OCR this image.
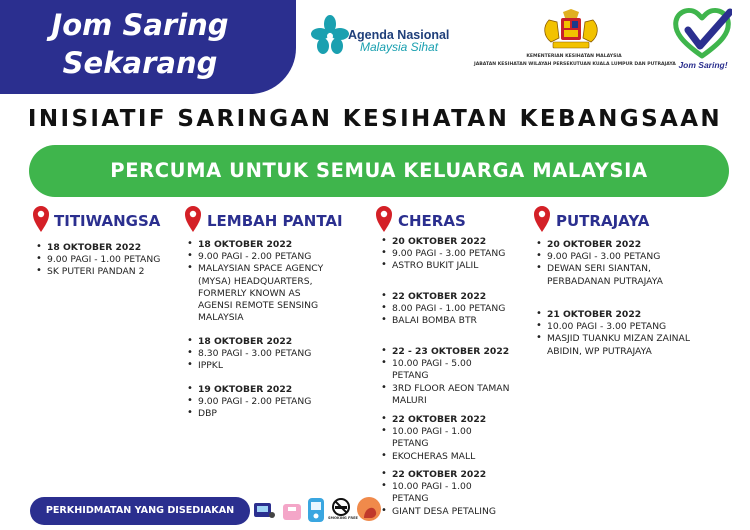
Jom Saring
Sekarang
Agenda Nasional
Malaysia Sihat
KEMENTERIAN KESIHATAN MALAYSIA
JABATAN KESIHATAN WILAYAH PERSEKUTUAN KUALA LUMPUR DAN PUTRAJAYA Jom Saring!
INISIATIF SARINGAN KESIHATAN KEBANGSAAN
PERCUMA UNTUK SEMUA KELUARGA MALAYSIA
TITIWANGSA
• 18 OKTOBER 2022
• 9.00 PAGI - 1.00 PETANG
• SK PUTERI PANDAN 2
LEMBAH PANTAI
• 18 OKTOBER 2022
• 9.00 PAGI - 2.00 PETANG
• MALAYSIAN SPACE AGENCY (MYSA) HEADQUARTERS, FORMERLY KNOWN AS AGENSI REMOTE SENSING MALAYSIA
• 18 OKTOBER 2022
• 8.30 PAGI - 3.00 PETANG
• IPPKL
• 19 OKTOBER 2022
• 9.00 PAGI - 2.00 PETANG
• DBP
CHERAS
• 20 OKTOBER 2022
• 9.00 PAGI - 3.00 PETANG
• ASTRO BUKIT JALIL
• 22 OKTOBER 2022
• 8.00 PAGI - 1.00 PETANG
• BALAI BOMBA BTR
• 22 - 23 OKTOBER 2022
• 10.00 PAGI - 5.00 PETANG
• 3RD FLOOR AEON TAMAN MALURI
• 22 OKTOBER 2022
• 10.00 PAGI - 1.00 PETANG
• EKOCHERAS MALL
• 22 OKTOBER 2022
• 10.00 PAGI - 1.00 PETANG
• GIANT DESA PETALING
PUTRAJAYA
• 20 OKTOBER 2022
• 9.00 PAGI - 3.00 PETANG
• DEWAN SERI SIANTAN, PERBADANAN PUTRAJAYA
• 21 OKTOBER 2022
• 10.00 PAGI - 3.00 PETANG
• MASJID TUANKU MIZAN ZAINAL ABIDIN, WP PUTRAJAYA
PERKHIDMATAN YANG DISEDIAKAN
SMOKING FREE
